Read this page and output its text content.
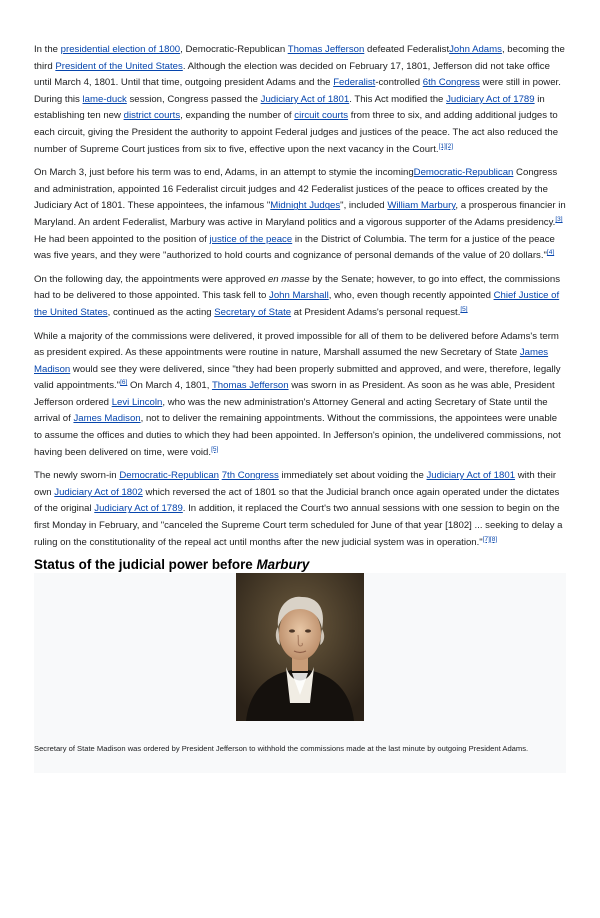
In the presidential election of 1800, Democratic-Republican Thomas Jefferson defeated FederalistJohn Adams, becoming the third President of the United States. Although the election was decided on February 17, 1801, Jefferson did not take office until March 4, 1801. Until that time, outgoing president Adams and the Federalist-controlled 6th Congress were still in power. During this lame-duck session, Congress passed the Judiciary Act of 1801. This Act modified the Judiciary Act of 1789 in establishing ten new district courts, expanding the number of circuit courts from three to six, and adding additional judges to each circuit, giving the President the authority to appoint Federal judges and justices of the peace. The act also reduced the number of Supreme Court justices from six to five, effective upon the next vacancy in the Court.[1][2]

On March 3, just before his term was to end, Adams, in an attempt to stymie the incomingDemocratic-Republican Congress and administration, appointed 16 Federalist circuit judges and 42 Federalist justices of the peace to offices created by the Judiciary Act of 1801. These appointees, the infamous "Midnight Judges", included William Marbury, a prosperous financier in Maryland. An ardent Federalist, Marbury was active in Maryland politics and a vigorous supporter of the Adams presidency.[3] He had been appointed to the position of justice of the peace in the District of Columbia. The term for a justice of the peace was five years, and they were "authorized to hold courts and cognizance of personal demands of the value of 20 dollars."[4]

On the following day, the appointments were approved en masse by the Senate; however, to go into effect, the commissions had to be delivered to those appointed. This task fell to John Marshall, who, even though recently appointed Chief Justice of the United States, continued as the acting Secretary of State at President Adams's personal request.[5]

While a majority of the commissions were delivered, it proved impossible for all of them to be delivered before Adams's term as president expired. As these appointments were routine in nature, Marshall assumed the new Secretary of State James Madison would see they were delivered, since "they had been properly submitted and approved, and were, therefore, legally valid appointments."[6] On March 4, 1801, Thomas Jefferson was sworn in as President. As soon as he was able, President Jefferson ordered Levi Lincoln, who was the new administration's Attorney General and acting Secretary of State until the arrival of James Madison, not to deliver the remaining appointments. Without the commissions, the appointees were unable to assume the offices and duties to which they had been appointed. In Jefferson's opinion, the undelivered commissions, not having been delivered on time, were void.[5]

The newly sworn-in Democratic-Republican 7th Congress immediately set about voiding the Judiciary Act of 1801 with their own Judiciary Act of 1802 which reversed the act of 1801 so that the Judicial branch once again operated under the dictates of the original Judiciary Act of 1789. In addition, it replaced the Court's two annual sessions with one session to begin on the first Monday in February, and "canceled the Supreme Court term scheduled for June of that year [1802] ... seeking to delay a ruling on the constitutionality of the repeal act until months after the new judicial system was in operation."[7][8]

Status of the judicial power before Marbury
Secretary of State Madison was ordered by President Jefferson to withhold the commissions made at the last minute by outgoing President Adams.
